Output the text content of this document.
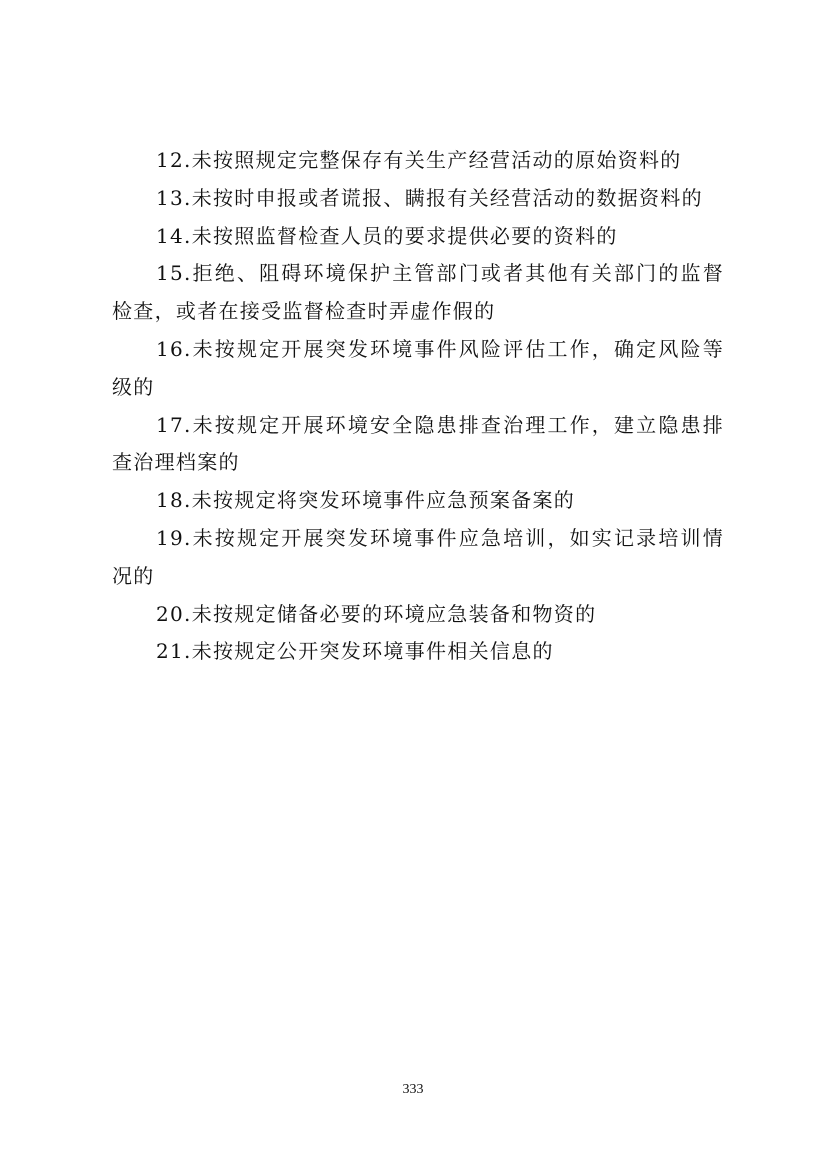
12.未按照规定完整保存有关生产经营活动的原始资料的

13.未按时申报或者谎报、瞒报有关经营活动的数据资料的

14.未按照监督检查人员的要求提供必要的资料的

15.拒绝、阻碍环境保护主管部门或者其他有关部门的监督检查，或者在接受监督检查时弄虚作假的

16.未按规定开展突发环境事件风险评估工作，确定风险等级的

17.未按规定开展环境安全隐患排查治理工作，建立隐患排查治理档案的

18.未按规定将突发环境事件应急预案备案的

19.未按规定开展突发环境事件应急培训，如实记录培训情况的

20.未按规定储备必要的环境应急装备和物资的

21.未按规定公开突发环境事件相关信息的

333
